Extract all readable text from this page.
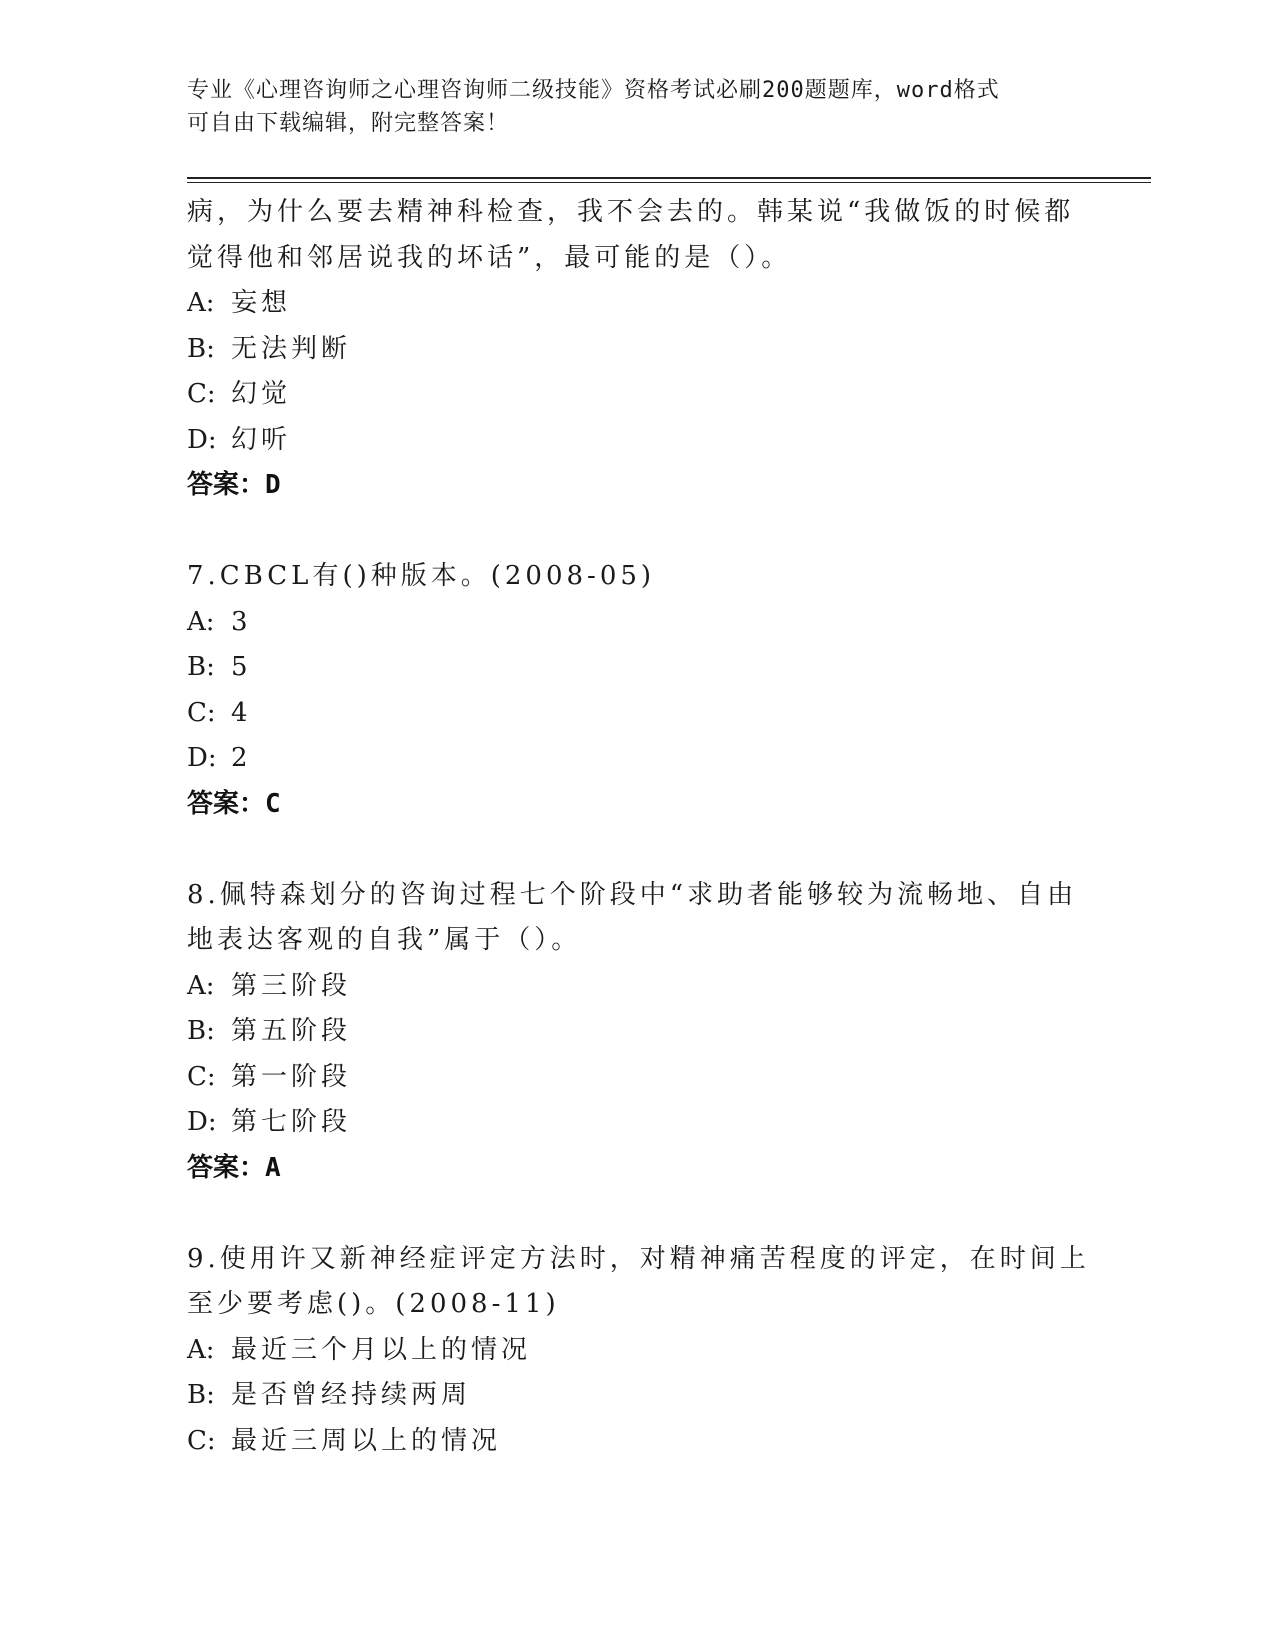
专业《心理咨询师之心理咨询师二级技能》资格考试必刷200题题库，word格式
可自由下载编辑，附完整答案！
病，为什么要去精神科检查，我不会去的。韩某说“我做饭的时候都
觉得他和邻居说我的坏话”，最可能的是（）。
A: 妄想
B: 无法判断
C: 幻觉
D: 幻听
答案：D
7.CBCL有()种版本。(2008-05)
A: 3
B: 5
C: 4
D: 2
答案：C
8.佩特森划分的咨询过程七个阶段中“求助者能够较为流畅地、自由
地表达客观的自我”属于（）。
A: 第三阶段
B: 第五阶段
C: 第一阶段
D: 第七阶段
答案：A
9.使用许又新神经症评定方法时，对精神痛苦程度的评定，在时间上
至少要考虑()。(2008-11)
A: 最近三个月以上的情况
B: 是否曾经持续两周
C: 最近三周以上的情况
